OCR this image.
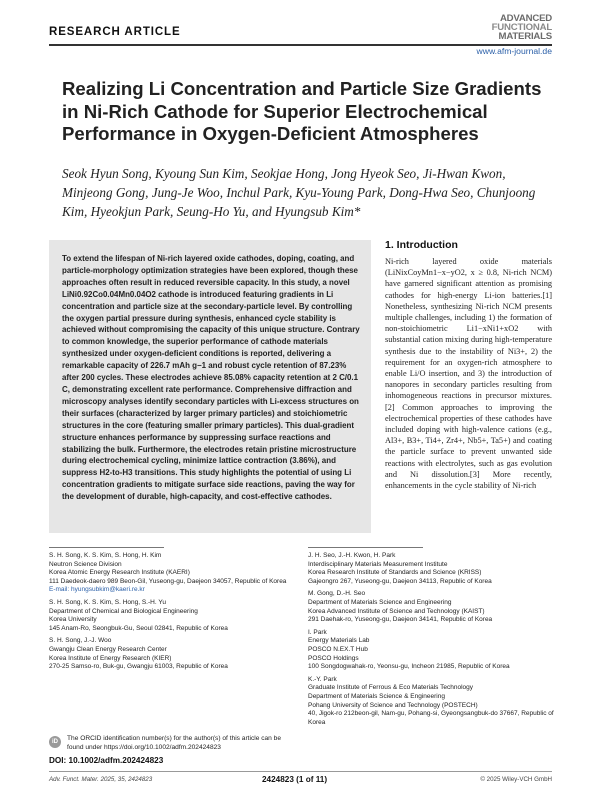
RESEARCH ARTICLE
ADVANCED
FUNCTIONAL
MATERIALS
www.afm-journal.de
Realizing Li Concentration and Particle Size Gradients in Ni-Rich Cathode for Superior Electrochemical Performance in Oxygen-Deficient Atmospheres
Seok Hyun Song, Kyoung Sun Kim, Seokjae Hong, Jong Hyeok Seo, Ji-Hwan Kwon, Minjeong Gong, Jung-Je Woo, Inchul Park, Kyu-Young Park, Dong-Hwa Seo, Chunjoong Kim, Hyeokjun Park, Seung-Ho Yu, and Hyungsub Kim*
To extend the lifespan of Ni-rich layered oxide cathodes, doping, coating, and particle-morphology optimization strategies have been explored, though these approaches often result in reduced reversible capacity. In this study, a novel LiNi0.92Co0.04Mn0.04O2 cathode is introduced featuring gradients in Li concentration and particle size at the secondary-particle level. By controlling the oxygen partial pressure during synthesis, enhanced cycle stability is achieved without compromising the capacity of this unique structure. Contrary to common knowledge, the superior performance of cathode materials synthesized under oxygen-deficient conditions is reported, delivering a remarkable capacity of 226.7 mAh g−1 and robust cycle retention of 87.23% after 200 cycles. These electrodes achieve 85.08% capacity retention at 2 C/0.1 C, demonstrating excellent rate performance. Comprehensive diffraction and microscopy analyses identify secondary particles with Li-excess structures on their surfaces (characterized by larger primary particles) and stoichiometric structures in the core (featuring smaller primary particles). This dual-gradient structure enhances performance by suppressing surface reactions and stabilizing the bulk. Furthermore, the electrodes retain pristine microstructure during electrochemical cycling, minimize lattice contraction (3.86%), and suppress H2-to-H3 transitions. This study highlights the potential of using Li concentration gradients to mitigate surface side reactions, paving the way for the development of durable, high-capacity, and cost-effective cathodes.
1. Introduction
Ni-rich layered oxide materials (LiNixCoyMn1−x−yO2, x ≥ 0.8, Ni-rich NCM) have garnered significant attention as promising cathodes for high-energy Li-ion batteries.[1] Nonetheless, synthesizing Ni-rich NCM presents multiple challenges, including 1) the formation of non-stoichiometric Li1−xNi1+xO2 with substantial cation mixing during high-temperature synthesis due to the instability of Ni3+, 2) the requirement for an oxygen-rich atmosphere to enable Li/O insertion, and 3) the introduction of nanopores in secondary particles resulting from inhomogeneous reactions in precursor mixtures.[2] Common approaches to improving the electrochemical properties of these cathodes have included doping with high-valence cations (e.g., Al3+, B3+, Ti4+, Zr4+, Nb5+, Ta5+) and coating the particle surface to prevent unwanted side reactions with electrolytes, such as gas evolution and Ni dissolution.[3] More recently, enhancements in the cycle stability of Ni-rich
S. H. Song, K. S. Kim, S. Hong, H. Kim
Neutron Science Division
Korea Atomic Energy Research Institute (KAERI)
111 Daedeok-daero 989 Beon-Gil, Yuseong-gu, Daejeon 34057, Republic of Korea
E-mail: hyungsubkim@kaeri.re.kr
S. H. Song, K. S. Kim, S. Hong, S.-H. Yu
Department of Chemical and Biological Engineering
Korea University
145 Anam-Ro, Seongbuk-Gu, Seoul 02841, Republic of Korea
S. H. Song, J.-J. Woo
Gwangju Clean Energy Research Center
Korea Institute of Energy Research (KIER)
270-25 Samso-ro, Buk-gu, Gwangju 61003, Republic of Korea
J. H. Seo, J.-H. Kwon, H. Park
Interdisciplinary Materials Measurement Institute
Korea Research Institute of Standards and Science (KRISS)
Gajeongro 267, Yuseong-gu, Daejeon 34113, Republic of Korea
M. Gong, D.-H. Seo
Department of Materials Science and Engineering
Korea Advanced Institute of Science and Technology (KAIST)
291 Daehak-ro, Yuseong-gu, Daejeon 34141, Republic of Korea
I. Park
Energy Materials Lab
POSCO N.EX.T Hub
POSCO Holdings
100 Songdogwahak-ro, Yeonsu-gu, Incheon 21985, Republic of Korea
K.-Y. Park
Graduate Institute of Ferrous & Eco Materials Technology
Department of Materials Science & Engineering
Pohang University of Science and Technology (POSTECH)
40, Jigok-ro 212beon-gil, Nam-gu, Pohang-si, Gyeongsangbuk-do 37667, Republic of Korea
iD	The ORCID identification number(s) for the author(s) of this article can be found under https://doi.org/10.1002/adfm.202424823
DOI: 10.1002/adfm.202424823
Adv. Funct. Mater. 2025, 35, 2424823	2424823 (1 of 11)	© 2025 Wiley-VCH GmbH
